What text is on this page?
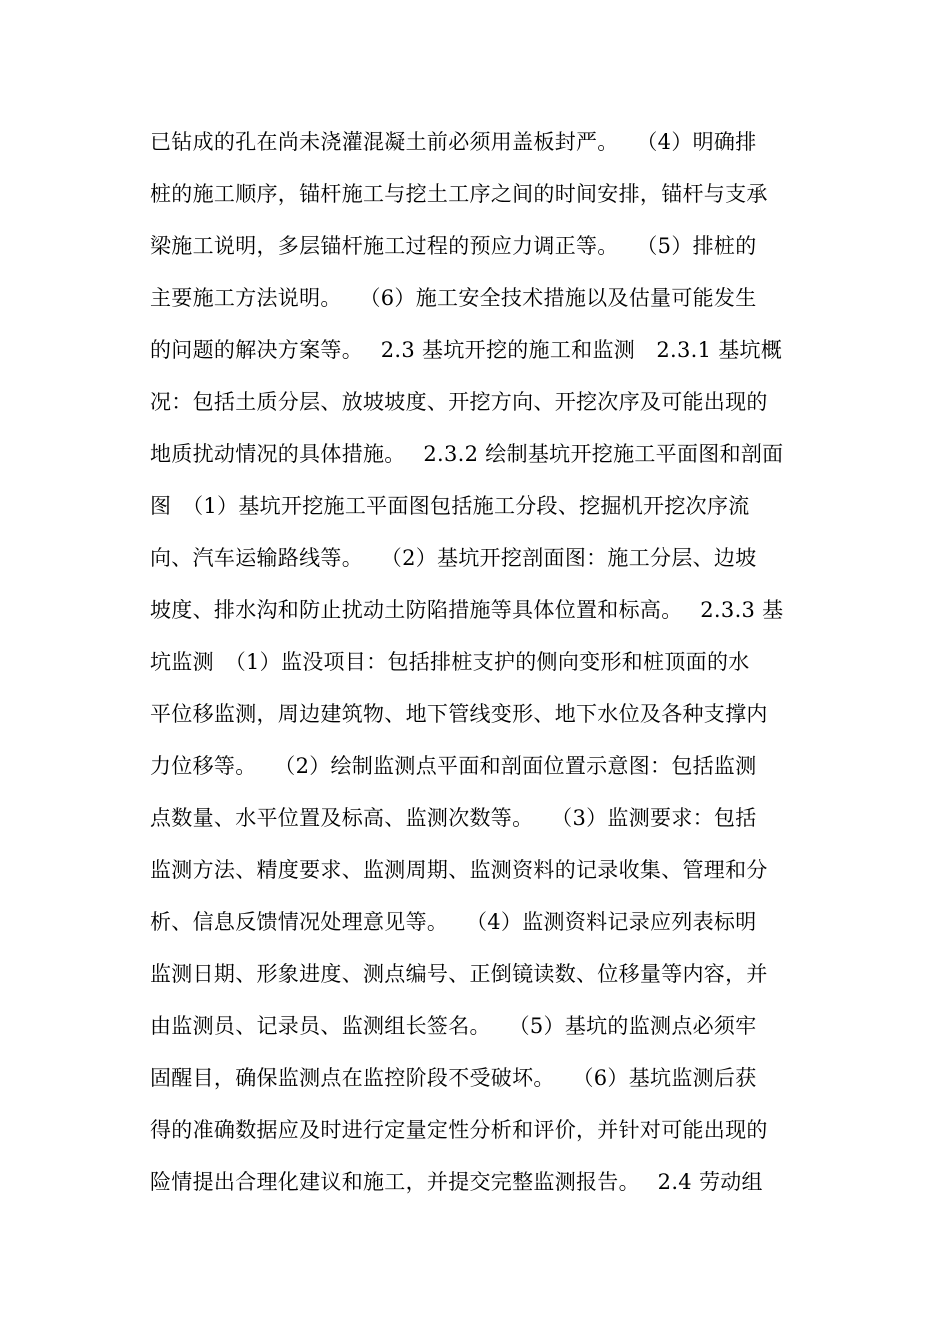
已钻成的孔在尚未浇灌混凝土前必须用盖板封严。　 （4）明确排
桩的施工顺序，锚杆施工与挖土工序之间的时间安排，锚杆与支承
梁施工说明，多层锚杆施工过程的预应力调正等。　 （5）排桩的
主要施工方法说明。　 （6）施工安全技术措施以及估量可能发生
的问题的解决方案等。　 2.3 基坑开挖的施工和监测　2.3.1 基坑概
况：包括土质分层、放坡坡度、开挖方向、开挖次序及可能出现的
地质扰动情况的具体措施。　 2.3.2 绘制基坑开挖施工平面图和剖面
图　（1）基坑开挖施工平面图包括施工分段、挖掘机开挖次序流
向、汽车运输路线等。　 （2）基坑开挖剖面图：施工分层、边坡
坡度、排水沟和防止扰动土防陷措施等具体位置和标高。　 2.3.3 基
坑监测　（1）监没项目：包括排桩支护的侧向变形和桩顶面的水
平位移监测，周边建筑物、地下管线变形、地下水位及各种支撑内
力位移等。　 （2）绘制监测点平面和剖面位置示意图：包括监测
点数量、水平位置及标高、监测次数等。　 （3）监测要求：包括
监测方法、精度要求、监测周期、监测资料的记录收集、管理和分
析、信息反馈情况处理意见等。　 （4）监测资料记录应列表标明
监测日期、形象进度、测点编号、正倒镜读数、位移量等内容，并
由监测员、记录员、监测组长签名。　 （5）基坑的监测点必须牢
固醒目，确保监测点在监控阶段不受破坏。　 （6）基坑监测后获
得的准确数据应及时进行定量定性分析和评价，并针对可能出现的
险情提出合理化建议和施工，并提交完整监测报告。　 2.4 劳动组
